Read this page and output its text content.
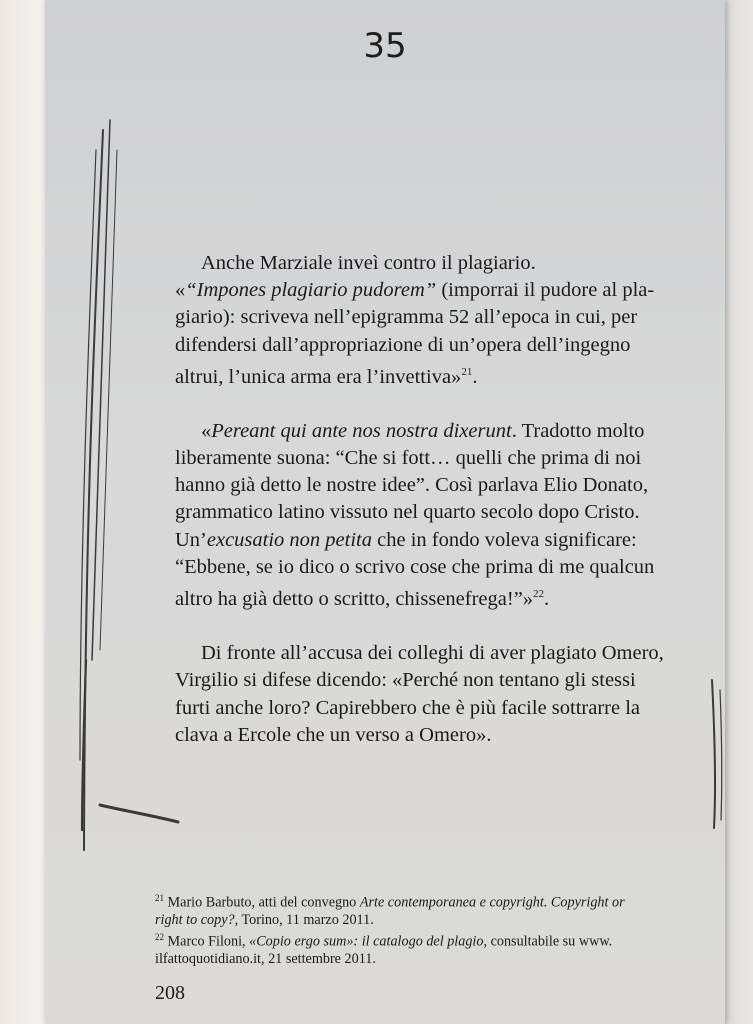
35

Anche Marziale inveì contro il plagiario.
«“Impones plagiario pudorem” (imporrai il pudore al pla-
giario): scriveva nell’epigramma 52 all’epoca in cui, per
difendersi dall’appropriazione di un’opera dell’ingegno
altrui, l’unica arma era l’invettiva»$^{21}$.

«Pereant qui ante nos nostra dixerunt. Tradotto molto
liberamente suona: “Che si fott… quelli che prima di noi
hanno già detto le nostre idee”. Così parlava Elio Donato,
grammatico latino vissuto nel quarto secolo dopo Cristo.
Un’excusatio non petita che in fondo voleva significare:
“Ebbene, se io dico o scrivo cose che prima di me qualcun
altro ha già detto o scritto, chissenefrega!”»$^{22}$.

Di fronte all’accusa dei colleghi di aver plagiato Omero,
Virgilio si difese dicendo: «Perché non tentano gli stessi
furti anche loro? Capirebbero che è più facile sottrarre la
clava a Ercole che un verso a Omero».

$^{21}$ Mario Barbuto, atti del convegno Arte contemporanea e copyright. Copyright or
right to copy?, Torino, 11 marzo 2011.

$^{22}$ Marco Filoni, «Copio ergo sum»: il catalogo del plagio, consultabile su www.
ilfattoquotidiano.it, 21 settembre 2011.

208
